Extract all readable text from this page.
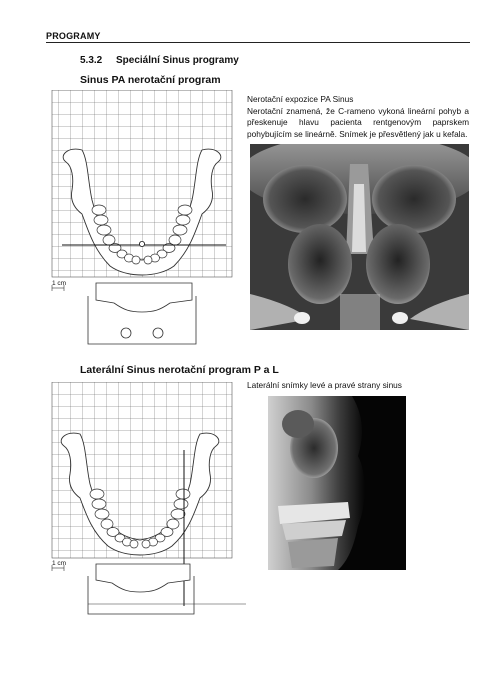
PROGRAMY
5.3.2 Speciální Sinus programy
Sinus PA nerotační program
1 cm

Nerotační expozice PA Sinus

Nerotační znamená, že C-rameno vykoná lineární pohyb a přeskenuje hlavu pacienta rentgenovým paprskem pohybujícím se lineárně. Snímek je přesvětlený jak u kefala.

Laterální Sinus nerotační program P a L
1 cm

Laterální snímky levé a pravé strany sinus
